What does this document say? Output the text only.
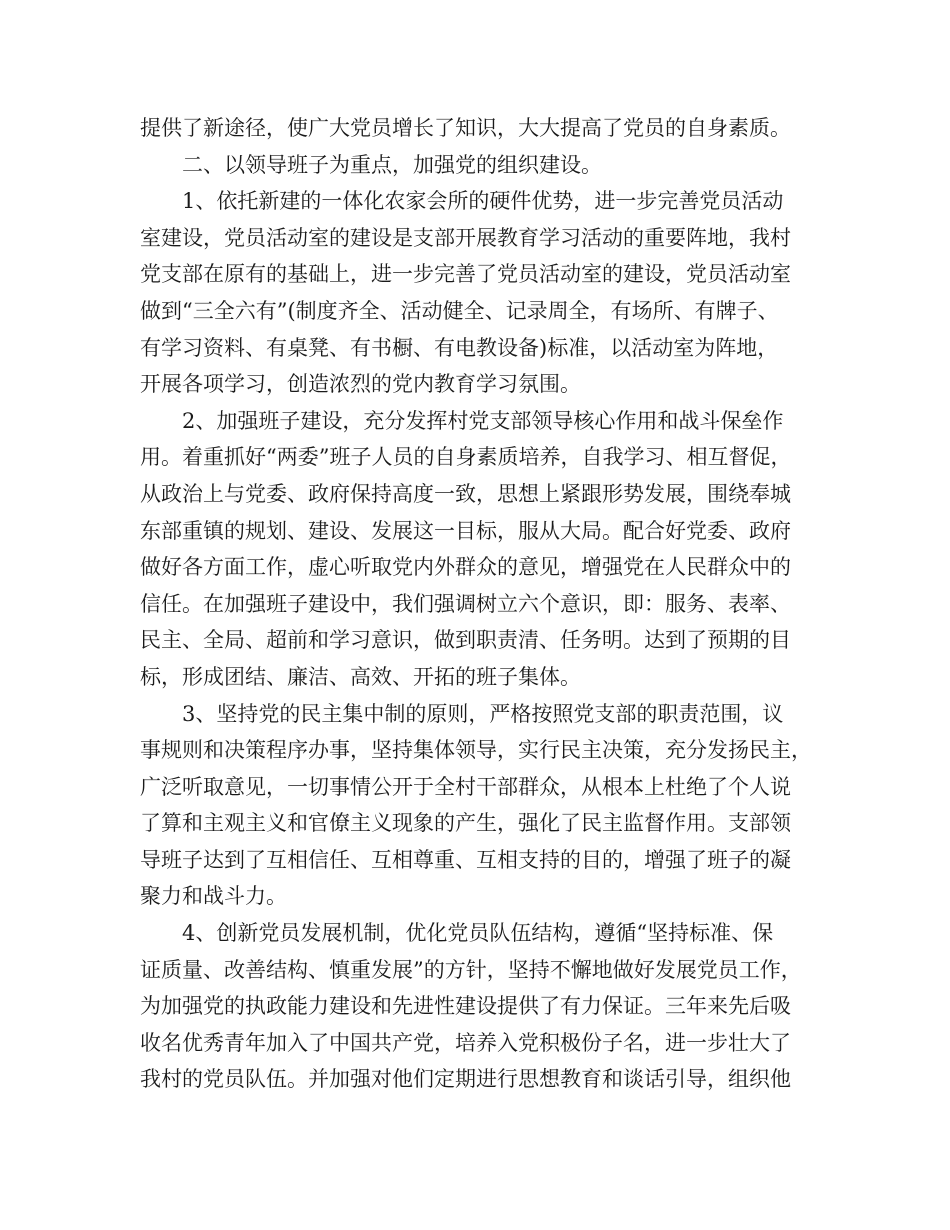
提供了新途径，使广大党员增长了知识，大大提高了党员的自身素质。
二、以领导班子为重点，加强党的组织建设。
1、依托新建的一体化农家会所的硬件优势，进一步完善党员活动
室建设，党员活动室的建设是支部开展教育学习活动的重要阵地，我村
党支部在原有的基础上，进一步完善了党员活动室的建设，党员活动室
做到“三全六有”(制度齐全、活动健全、记录周全，有场所、有牌子、
有学习资料、有桌凳、有书橱、有电教设备)标准，以活动室为阵地，
开展各项学习，创造浓烈的党内教育学习氛围。
2、加强班子建设，充分发挥村党支部领导核心作用和战斗保垒作
用。着重抓好“两委”班子人员的自身素质培养，自我学习、相互督促，
从政治上与党委、政府保持高度一致，思想上紧跟形势发展，围绕奉城
东部重镇的规划、建设、发展这一目标，服从大局。配合好党委、政府
做好各方面工作，虚心听取党内外群众的意见，增强党在人民群众中的
信任。在加强班子建设中，我们强调树立六个意识，即：服务、表率、
民主、全局、超前和学习意识，做到职责清、任务明。达到了预期的目
标，形成团结、廉洁、高效、开拓的班子集体。
3、坚持党的民主集中制的原则，严格按照党支部的职责范围，议
事规则和决策程序办事，坚持集体领导，实行民主决策，充分发扬民主，
广泛听取意见，一切事情公开于全村干部群众，从根本上杜绝了个人说
了算和主观主义和官僚主义现象的产生，强化了民主监督作用。支部领
导班子达到了互相信任、互相尊重、互相支持的目的，增强了班子的凝
聚力和战斗力。
4、创新党员发展机制，优化党员队伍结构，遵循“坚持标准、保
证质量、改善结构、慎重发展”的方针，坚持不懈地做好发展党员工作，
为加强党的执政能力建设和先进性建设提供了有力保证。三年来先后吸
收名优秀青年加入了中国共产党，培养入党积极份子名，进一步壮大了
我村的党员队伍。并加强对他们定期进行思想教育和谈话引导，组织他
